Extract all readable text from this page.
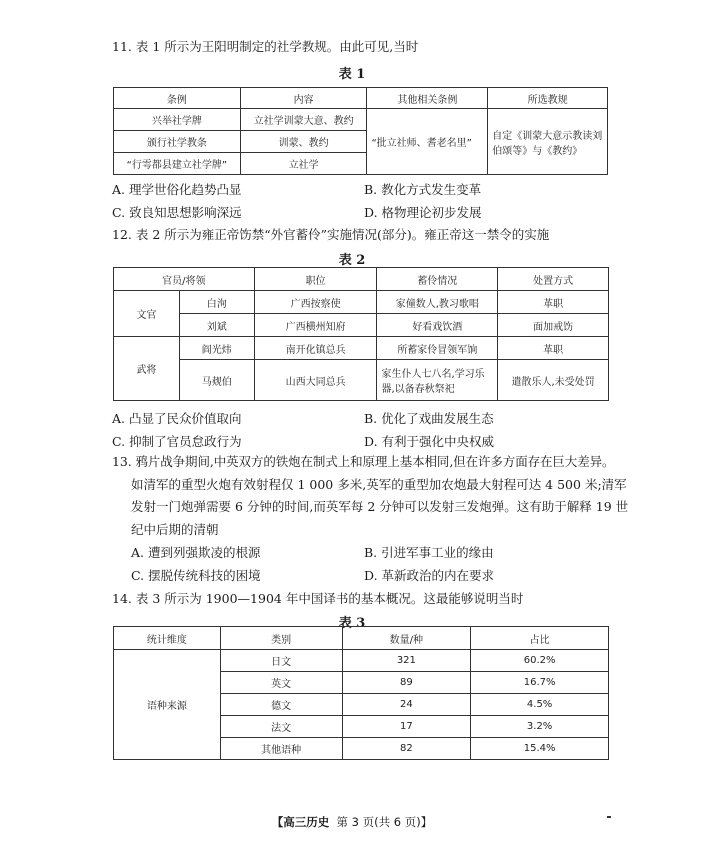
11. 表 1 所示为王阳明制定的社学教规。由此可见,当时
表 1
条例	内容	其他相关条例	所选教规
兴举社学牌	立社学训蒙大意、教约	“批立社师、耆老名里”	自定《训蒙大意示教读刘伯颂等》与《教约》
颁行社学教条	训蒙、教约		
“行雩都县建立社学牌”	立社学		
A. 理学世俗化趋势凸显	B. 教化方式发生变革
C. 致良知思想影响深远	D. 格物理论初步发展
12. 表 2 所示为雍正帝饬禁“外官蓄伶”实施情况(部分)。雍正帝这一禁令的实施
表 2
官员/将领		职位	蓄伶情况	处置方式
文官	白洵	广西按察使	家僮数人,教习歌唱	革职
	刘斌	广西横州知府	好看戏饮酒	面加戒饬
武将	阎光炜	南开化镇总兵	所蓄家伶冒领军饷	革职
	马觌伯	山西大同总兵	家生仆人七八名,学习乐器,以备春秋祭祀	遣散乐人,未受处罚
A. 凸显了民众价值取向	B. 优化了戏曲发展生态
C. 抑制了官员怠政行为	D. 有利于强化中央权威
13. 鸦片战争期间,中英双方的铁炮在制式上和原理上基本相同,但在许多方面存在巨大差异。
如清军的重型火炮有效射程仅 1 000 多米,英军的重型加农炮最大射程可达 4 500 米;清军
发射一门炮弹需要 6 分钟的时间,而英军每 2 分钟可以发射三发炮弹。这有助于解释 19 世
纪中后期的清朝
A. 遭到列强欺凌的根源	B. 引进军事工业的缘由
C. 摆脱传统科技的困境	D. 革新政治的内在要求
14. 表 3 所示为 1900—1904 年中国译书的基本概况。这最能够说明当时
表 3
统计维度	类别	数量/种	占比
语种来源	日文	321	60.2%
	英文	89	16.7%
	德文	24	4.5%
	法文	17	3.2%
	其他语种	82	15.4%
【高三历史 第 3 页(共 6 页)】
